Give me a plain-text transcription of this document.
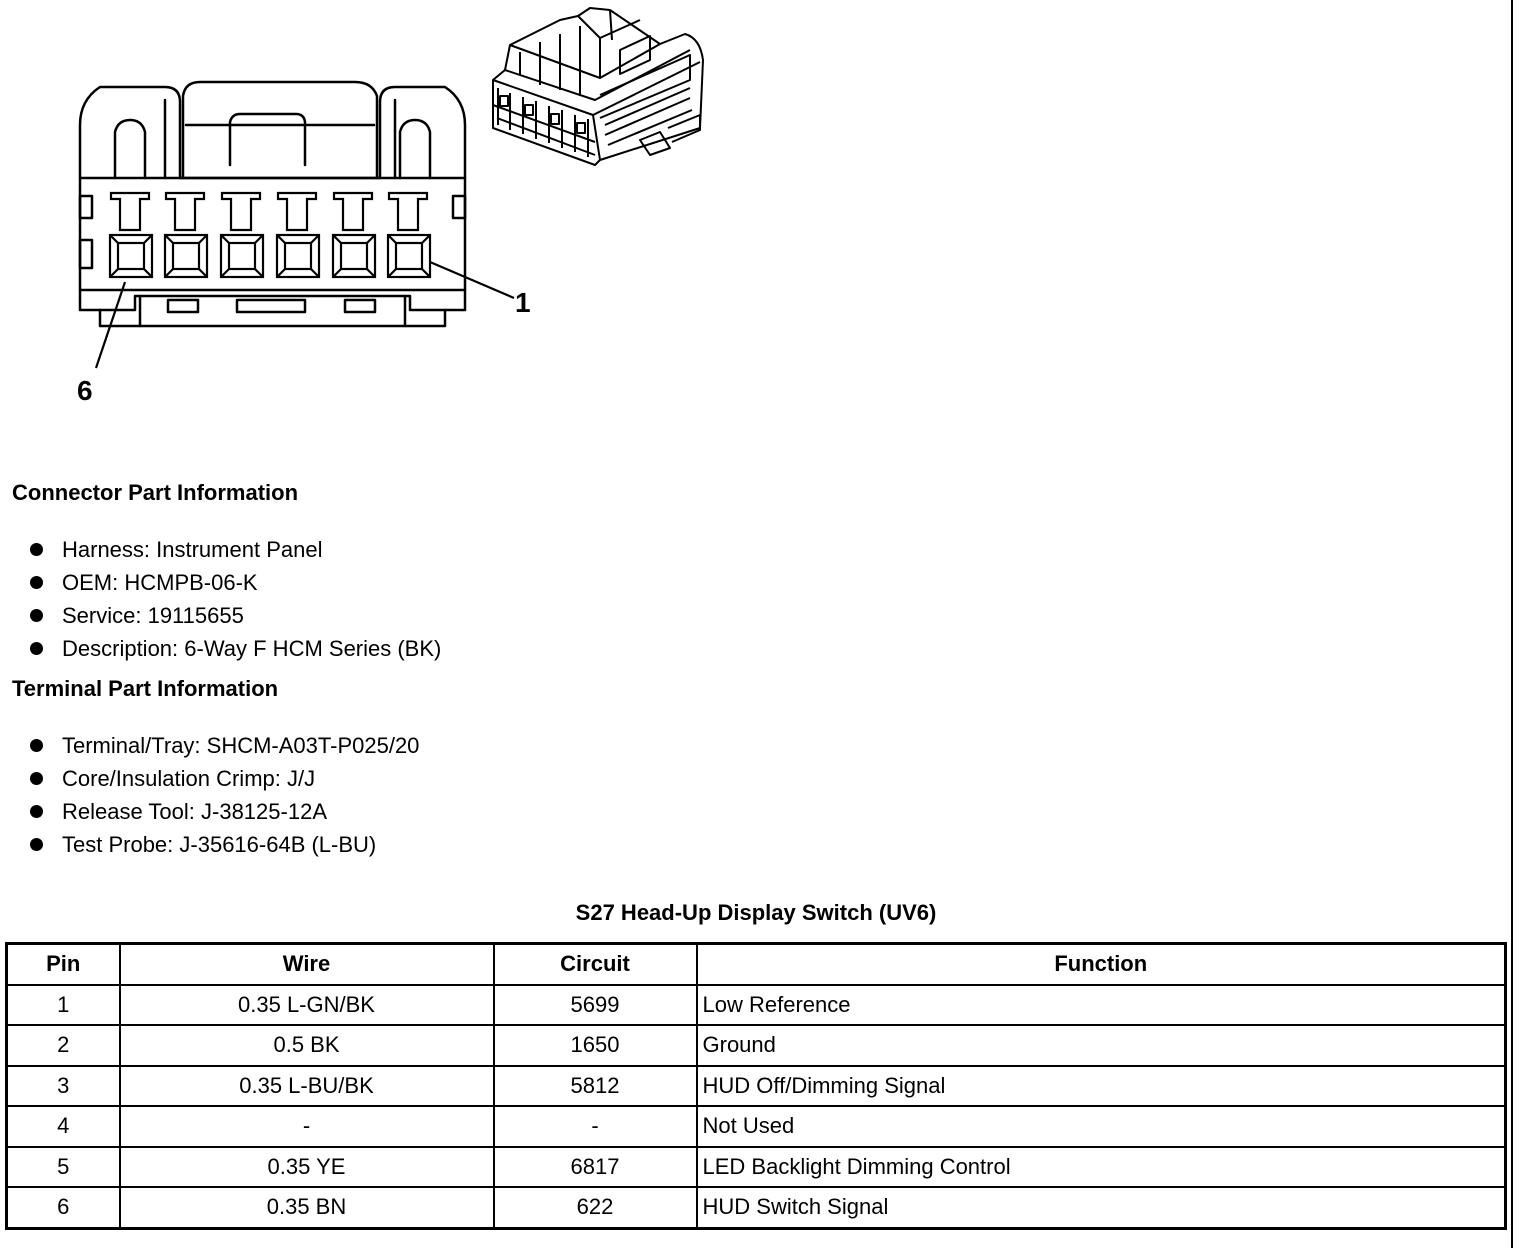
1
6
Connector Part Information
Harness: Instrument Panel
OEM: HCMPB-06-K
Service: 19115655
Description: 6-Way F HCM Series (BK)
Terminal Part Information
Terminal/Tray: SHCM-A03T-P025/20
Core/Insulation Crimp: J/J
Release Tool: J-38125-12A
Test Probe: J-35616-64B (L-BU)
S27 Head-Up Display Switch (UV6)
Pin	Wire	Circuit	Function
1	0.35 L-GN/BK	5699	Low Reference
2	0.5 BK	1650	Ground
3	0.35 L-BU/BK	5812	HUD Off/Dimming Signal
4	-	-	Not Used
5	0.35 YE	6817	LED Backlight Dimming Control
6	0.35 BN	622	HUD Switch Signal
